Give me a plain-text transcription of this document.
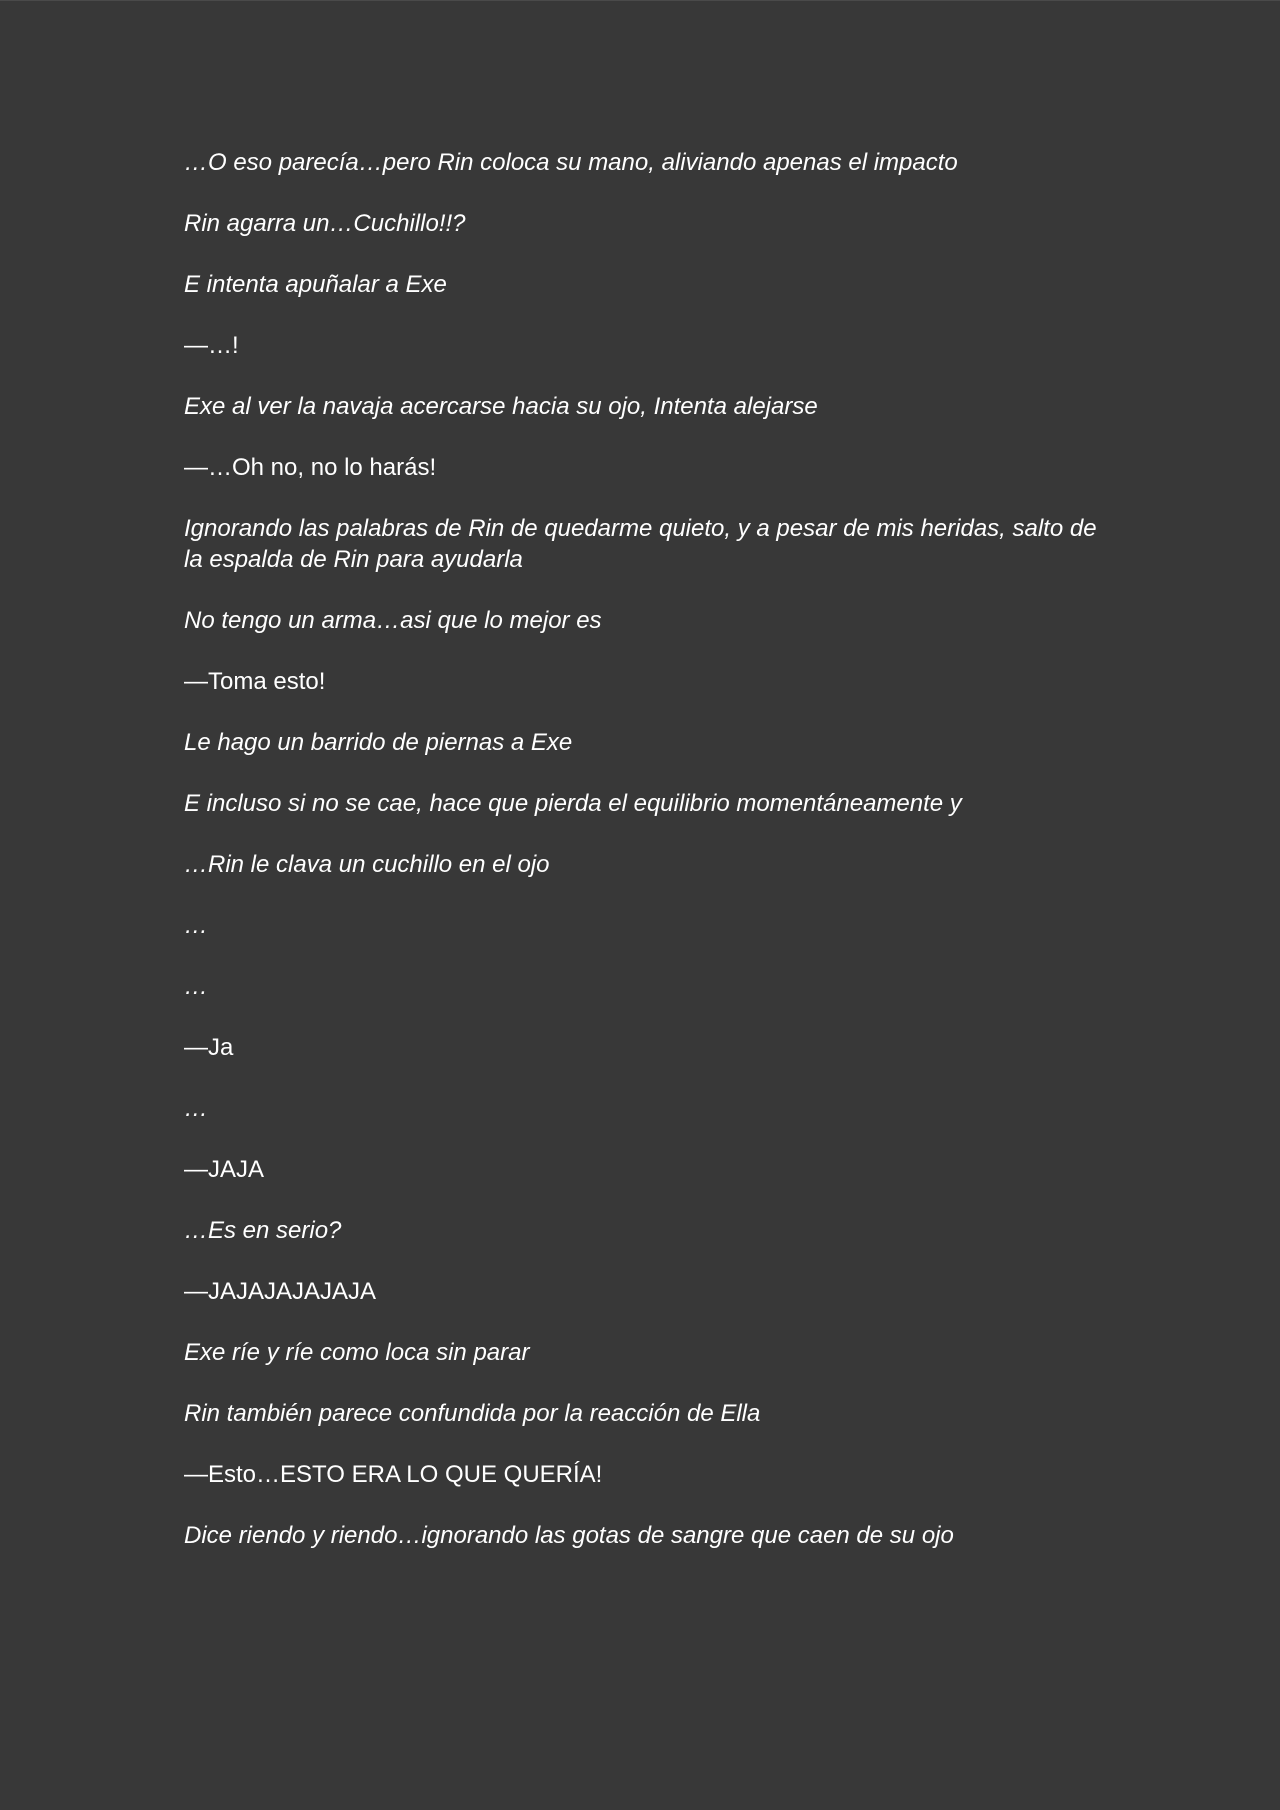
…O eso parecía…pero Rin coloca su mano, aliviando apenas el impacto

Rin agarra un…Cuchillo!!?

E intenta apuñalar a Exe

—…!

Exe al ver la navaja acercarse hacia su ojo, Intenta alejarse

—…Oh no, no lo harás!

Ignorando las palabras de Rin de quedarme quieto, y a pesar de mis heridas, salto de la espalda de Rin para ayudarla

No tengo un arma…asi que lo mejor es

—Toma esto!

Le hago un barrido de piernas a Exe

E incluso si no se cae, hace que pierda el equilibrio momentáneamente y

…Rin le clava un cuchillo en el ojo

…

…

—Ja

…

—JAJA

…Es en serio?

—JAJAJAJAJAJA

Exe ríe y ríe como loca sin parar

Rin también parece confundida por la reacción de Ella

—Esto…ESTO ERA LO QUE QUERÍA!

Dice riendo y riendo…ignorando las gotas de sangre que caen de su ojo
